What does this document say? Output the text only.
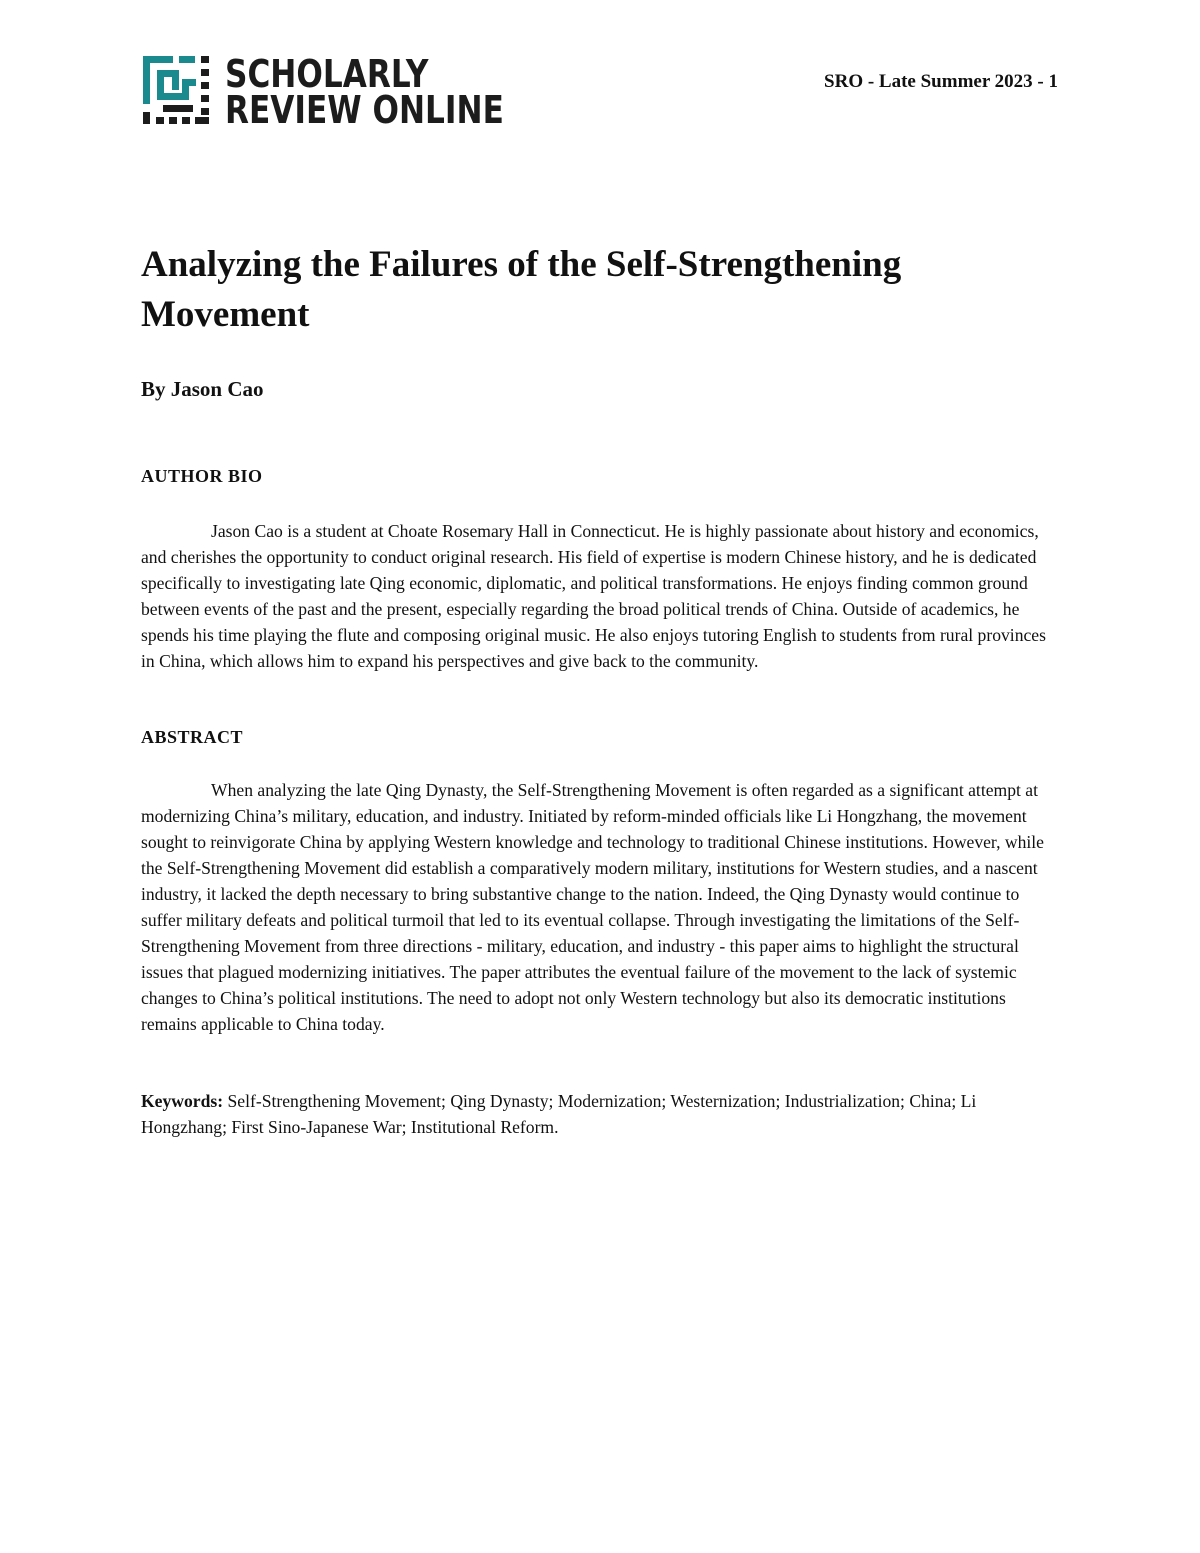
SCHOLARLY
REVIEW ONLINE
SRO - Late Summer 2023 - 1
Analyzing the Failures of the Self-Strengthening Movement

By Jason Cao

AUTHOR BIO

Jason Cao is a student at Choate Rosemary Hall in Connecticut. He is highly passionate about history and economics, and cherishes the opportunity to conduct original research. His field of expertise is modern Chinese history, and he is dedicated specifically to investigating late Qing economic, diplomatic, and political transformations. He enjoys finding common ground between events of the past and the present, especially regarding the broad political trends of China. Outside of academics, he spends his time playing the flute and composing original music. He also enjoys tutoring English to students from rural provinces in China, which allows him to expand his perspectives and give back to the community.

ABSTRACT

When analyzing the late Qing Dynasty, the Self-Strengthening Movement is often regarded as a significant attempt at modernizing China’s military, education, and industry. Initiated by reform-minded officials like Li Hongzhang, the movement sought to reinvigorate China by applying Western knowledge and technology to traditional Chinese institutions. However, while the Self-Strengthening Movement did establish a comparatively modern military, institutions for Western studies, and a nascent industry, it lacked the depth necessary to bring substantive change to the nation. Indeed, the Qing Dynasty would continue to suffer military defeats and political turmoil that led to its eventual collapse. Through investigating the limitations of the Self-Strengthening Movement from three directions - military, education, and industry - this paper aims to highlight the structural issues that plagued modernizing initiatives. The paper attributes the eventual failure of the movement to the lack of systemic changes to China’s political institutions. The need to adopt not only Western technology but also its democratic institutions remains applicable to China today.

Keywords: Self-Strengthening Movement; Qing Dynasty; Modernization; Westernization; Industrialization; China; Li Hongzhang; First Sino-Japanese War; Institutional Reform.
